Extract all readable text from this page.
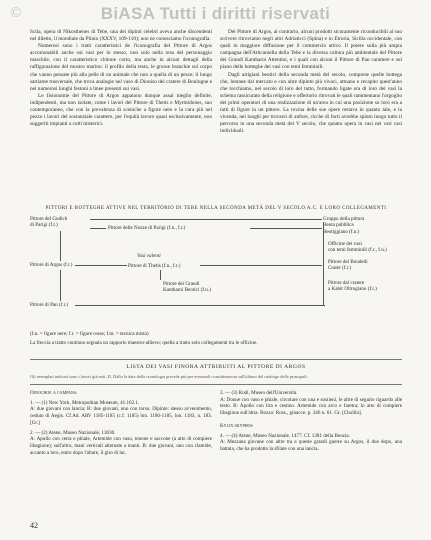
BiASA Tutti i diritti riservati
©

Scila, opera di Nikosthenes di Tebe, una dei dipinti celebri aveva anche discendenti nel diletto, il mondiale da Plinio (XXXV, 109-110); non ne conosciamo l'iconografia.

Numerosi sono i tratti caratteristici de l'iconografia del Pittore di Argos accomunabili anche sui vasi per lo stesso, non solo nella resa del personaggio maschile, con il caratteristico chitone corto, ma anche in alcuni dettagli della raffigurazione del mostro marino: il profilo della testa, le grosse branchie sul corpo che vanno pensate più alla pelle di un animale che non a quella di un pesce; il lungo sartiame trasversale, che trova analogie nel vaso di Dioniso del cratere di Boulogne e nei numerosi lunghi festoni a linee presenti sui vasi.

Le fisionomie del Pittore di Argos appaiono dunque assai meglio definite, indipendenti, ma non isolate, come i lavori del Pittore di Thetis e Myrmidones, suo contemporaneo, che con la prevalenza di sceniche a figure nere e la cura più nel pezzo i lavori del sostanziale carattere, per l'equità lavoro quasi esclusivamente, non suggeriti impianti a culti misterici.

Del Pittore di Argos, al contrario, alcuni prodotti sicuramente riconducibili al suo scrivere ritroviamo negli altri Adriaticci (Spina) e in Etruria, Sicilia occidentale, con quali in maggiore diffusione per il commercio attico. Il potere sulla più ampia campagna dell'Atticaniella della Tebe e la diversa cultura più ambientale del Pittore dei Grandi Kantharoi Attentini, e i quali con alcuni il Pittore di Pan carattere e sul piano delle botteghe dei vasi con temi femminili.

Dagli artigiani beotici della seconda metà del secolo, comprese quelle bottega che, lontane dal mercato e con altre dipinto più vivaci, attuano e recapito quest'anno che tocchiamo, nel secolo di loro del tutto, formando ligate ora di loro dei vasi la schema rassicurato della religione e offertorio ritrovati le quali rammentano l'orgoglio dei primi operatori di una realizzazione di un'area in cui una posizione su loro era a tutti di figure in un pittore. La rovina delle sue opere restava in quanto tale, e la vicenda, nei luoghi per trovarsi di anfore, ricche di forti avrebbe spinto lungo tutto il percorso in una seconda metà del V secolo, che quanto opera in vasi nei vari casi individuali.

PITTORI E BOTTEGHE ATTIVE NEL TERRITORIO DI TEBE NELLA SECONDA METÀ DEL V SECOLO A.C. E LORO COLLEGAMENTI
Pittore del Gudich
di Parigi (f.r.)	Pittore delle Nozze di Parigi (f.n., f.r.)
Pittore di Argos (f.r.)
Vasi valenti
Pittore di Thetis (f.n., f.r.)
Pittore dei Grandi
Kantharoi Beotici (f.n.)
Pittore di Pan (f.r.)
Gruppo della pittura
Beota pubblica
Beotiggiano (f.n.)
Officine dei vasi
con temi femminili (f.r., f.n.)
Pittore del Boudedi
Crater (f.r.)
Pittore dal cratere
a Kabir Oltrogiano (f.r.)
(f.n. = figure nere; f.r. = figure rosse; f.m. = tecnica mista)
La freccia a tratto continuo segnala un rapporto maestro-allievo; quella a tratto solo collegamenti tra le officine.
LISTA DEI VASI FINORA ATTRIBUITI AL PITTORE DI ARGOS
Gli esemplari indicati sono i lavori già noti, D. Dallo la data della cronologia precede più per eventuali considerazioni sull'ultimo del catalogo delle principali.
Oinochoe a campana
1. — (1) New York, Metropolitan Museum, 41.162.1.
A: due giovani con lancia; B: due giovani, uno con torso. Dipinte: stesso avvenimento, ceduto di Aegis. Cf.Ad. ARV 1185-1185 (c.f. 1185) lon. 1180-1185, lon. 1183, n. 183. [Gr.]
2. — (2) Atene, Museo Nazionale, 13030.
A: Apollo con cetra e phiale, Artemide con vaso, tenone e saccone (a atto di compiere libagione); sull'altro, mani verticali alternate a manti. B: due giovani, uno con clamide, accanto a loro, entro dopo l'altare, il giro di lui.
3. — (3) Rodi, Museo dell'Università.
A: Donne con vaso e phiale, circolare con una e sostieni, le altre di seguito riguardo alle testo. B: Apollo con lira e cestino. Artemide con arco e faretra; in atto di compiere libagione sull'altra. Bozzo: Ross., ginacce. p. 346 n. 61. Gr. [Chollin].
Kylix skyphos
4. — (4) Atene, Museo Nazionale, 1477. Cf. 1381 della Beozia.
A: Mezzana giovane con altre tra e queste grandi guerre su Argos, il due dopo, una battuta, che ha prodotto la sfilate con una lancia.
42
